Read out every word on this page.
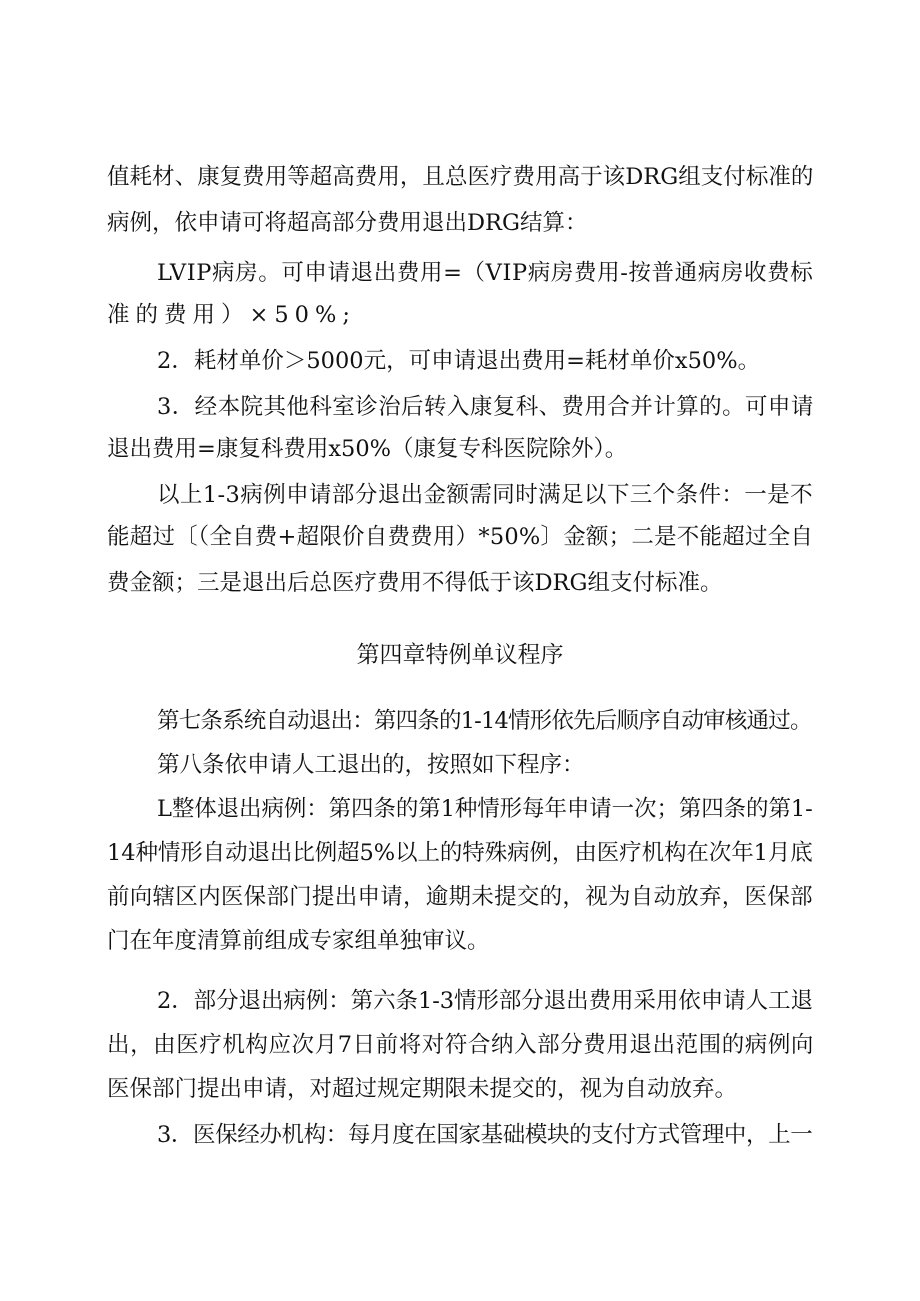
值耗材、康复费用等超高费用，且总医疗费用高于该DRG组支付标准的
病例，依申请可将超高部分费用退出DRG结算：
LVIP病房。可申请退出费用=（VIP病房费用-按普通病房收费标
准的费用）×50%;
2．耗材单价＞5000元，可申请退出费用=耗材单价x50%。
3．经本院其他科室诊治后转入康复科、费用合并计算的。可申请
退出费用=康复科费用x50%（康复专科医院除外）。
以上1-3病例申请部分退出金额需同时满足以下三个条件：一是不
能超过〔（全自费+超限价自费费用）*50%〕金额；二是不能超过全自
费金额；三是退出后总医疗费用不得低于该DRG组支付标准。
第四章特例单议程序
第七条系统自动退出：第四条的1-14情形依先后顺序自动审核通过。
第八条依申请人工退出的，按照如下程序：
L整体退出病例：第四条的第1种情形每年申请一次；第四条的第1-
14种情形自动退出比例超5%以上的特殊病例，由医疗机构在次年1月底
前向辖区内医保部门提出申请，逾期未提交的，视为自动放弃，医保部
门在年度清算前组成专家组单独审议。
2．部分退出病例：第六条1-3情形部分退出费用采用依申请人工退
出，由医疗机构应次月7日前将对符合纳入部分费用退出范围的病例向
医保部门提出申请，对超过规定期限未提交的，视为自动放弃。
3．医保经办机构：每月度在国家基础模块的支付方式管理中，上一
